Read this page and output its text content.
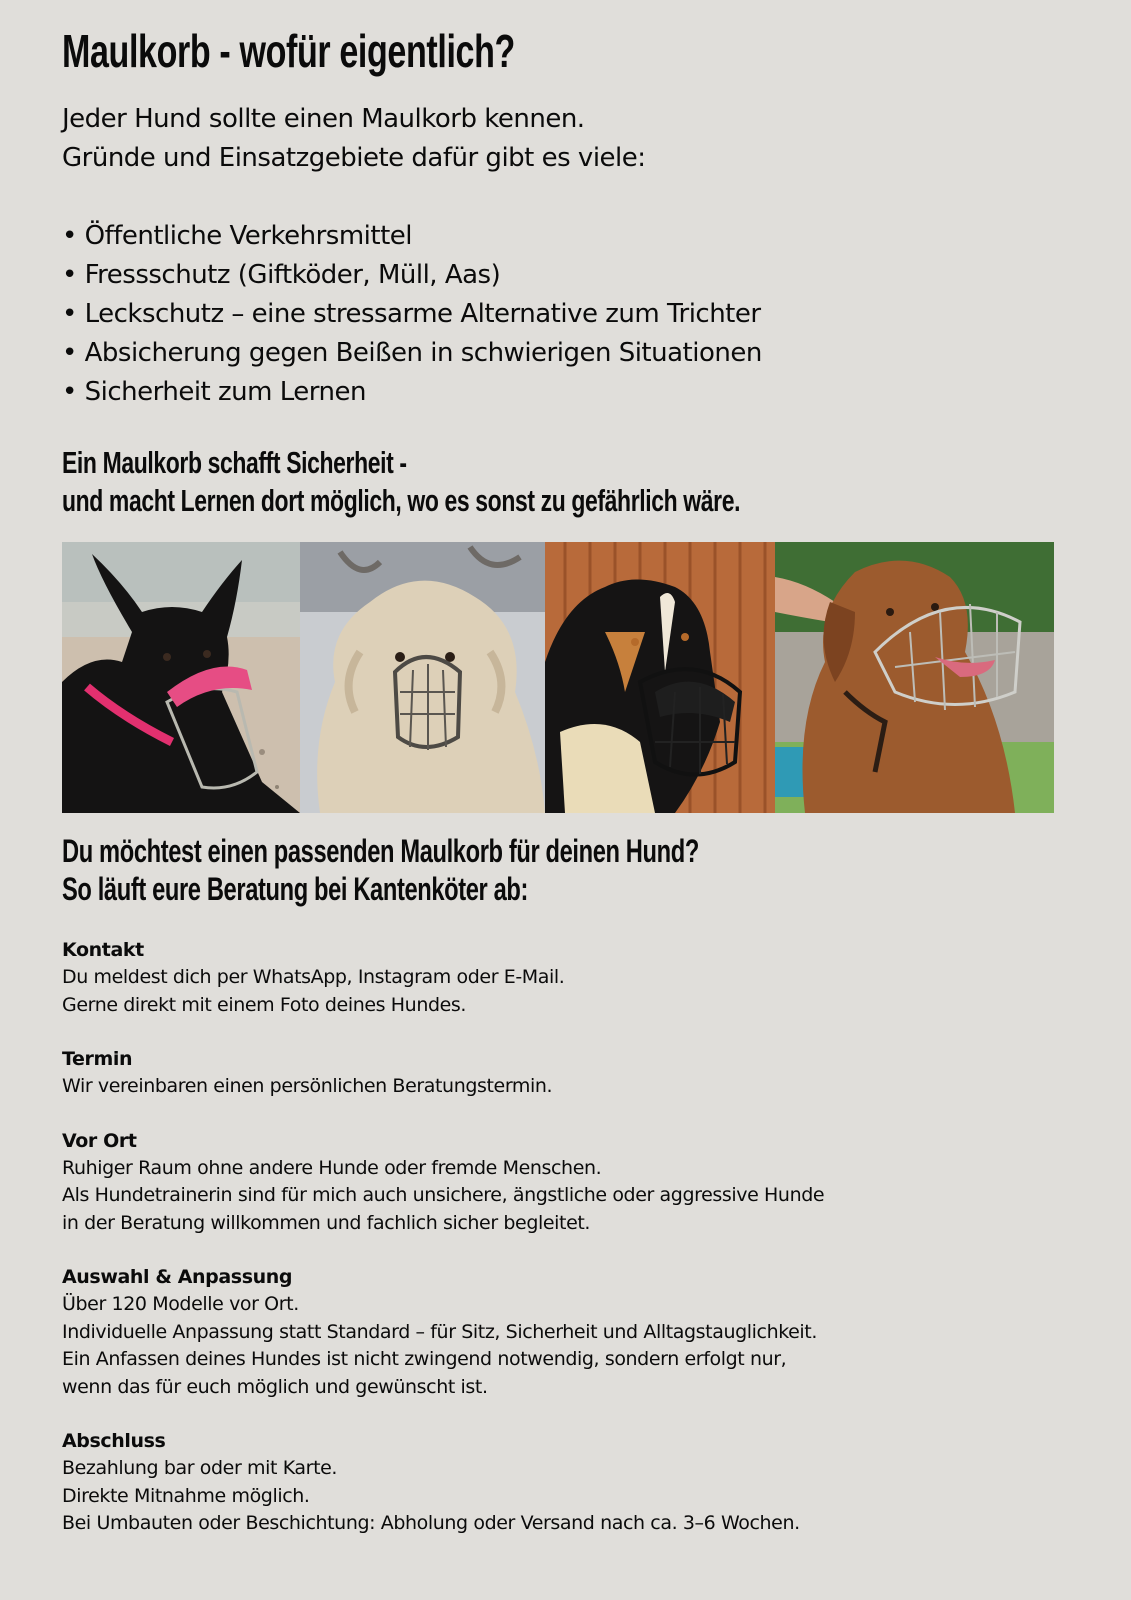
Maulkorb - wofür eigentlich?

Jeder Hund sollte einen Maulkorb kennen.

Gründe und Einsatzgebiete dafür gibt es viele:

• Öffentliche Verkehrsmittel
• Fressschutz (Giftköder, Müll, Aas)
• Leckschutz – eine stressarme Alternative zum Trichter
• Absicherung gegen Beißen in schwierigen Situationen
• Sicherheit zum Lernen
Ein Maulkorb schafft Sicherheit -
und macht Lernen dort möglich, wo es sonst zu gefährlich wäre.
Du möchtest einen passenden Maulkorb für deinen Hund?
So läuft eure Beratung bei Kantenköter ab:

Kontakt

Du meldest dich per WhatsApp, Instagram oder E-Mail.

Gerne direkt mit einem Foto deines Hundes.

Termin

Wir vereinbaren einen persönlichen Beratungstermin.

Vor Ort

Ruhiger Raum ohne andere Hunde oder fremde Menschen.

Als Hundetrainerin sind für mich auch unsichere, ängstliche oder aggressive Hunde

in der Beratung willkommen und fachlich sicher begleitet.

Auswahl & Anpassung

Über 120 Modelle vor Ort.

Individuelle Anpassung statt Standard – für Sitz, Sicherheit und Alltagstauglichkeit.

Ein Anfassen deines Hundes ist nicht zwingend notwendig, sondern erfolgt nur,

wenn das für euch möglich und gewünscht ist.

Abschluss

Bezahlung bar oder mit Karte.

Direkte Mitnahme möglich.

Bei Umbauten oder Beschichtung: Abholung oder Versand nach ca. 3–6 Wochen.
